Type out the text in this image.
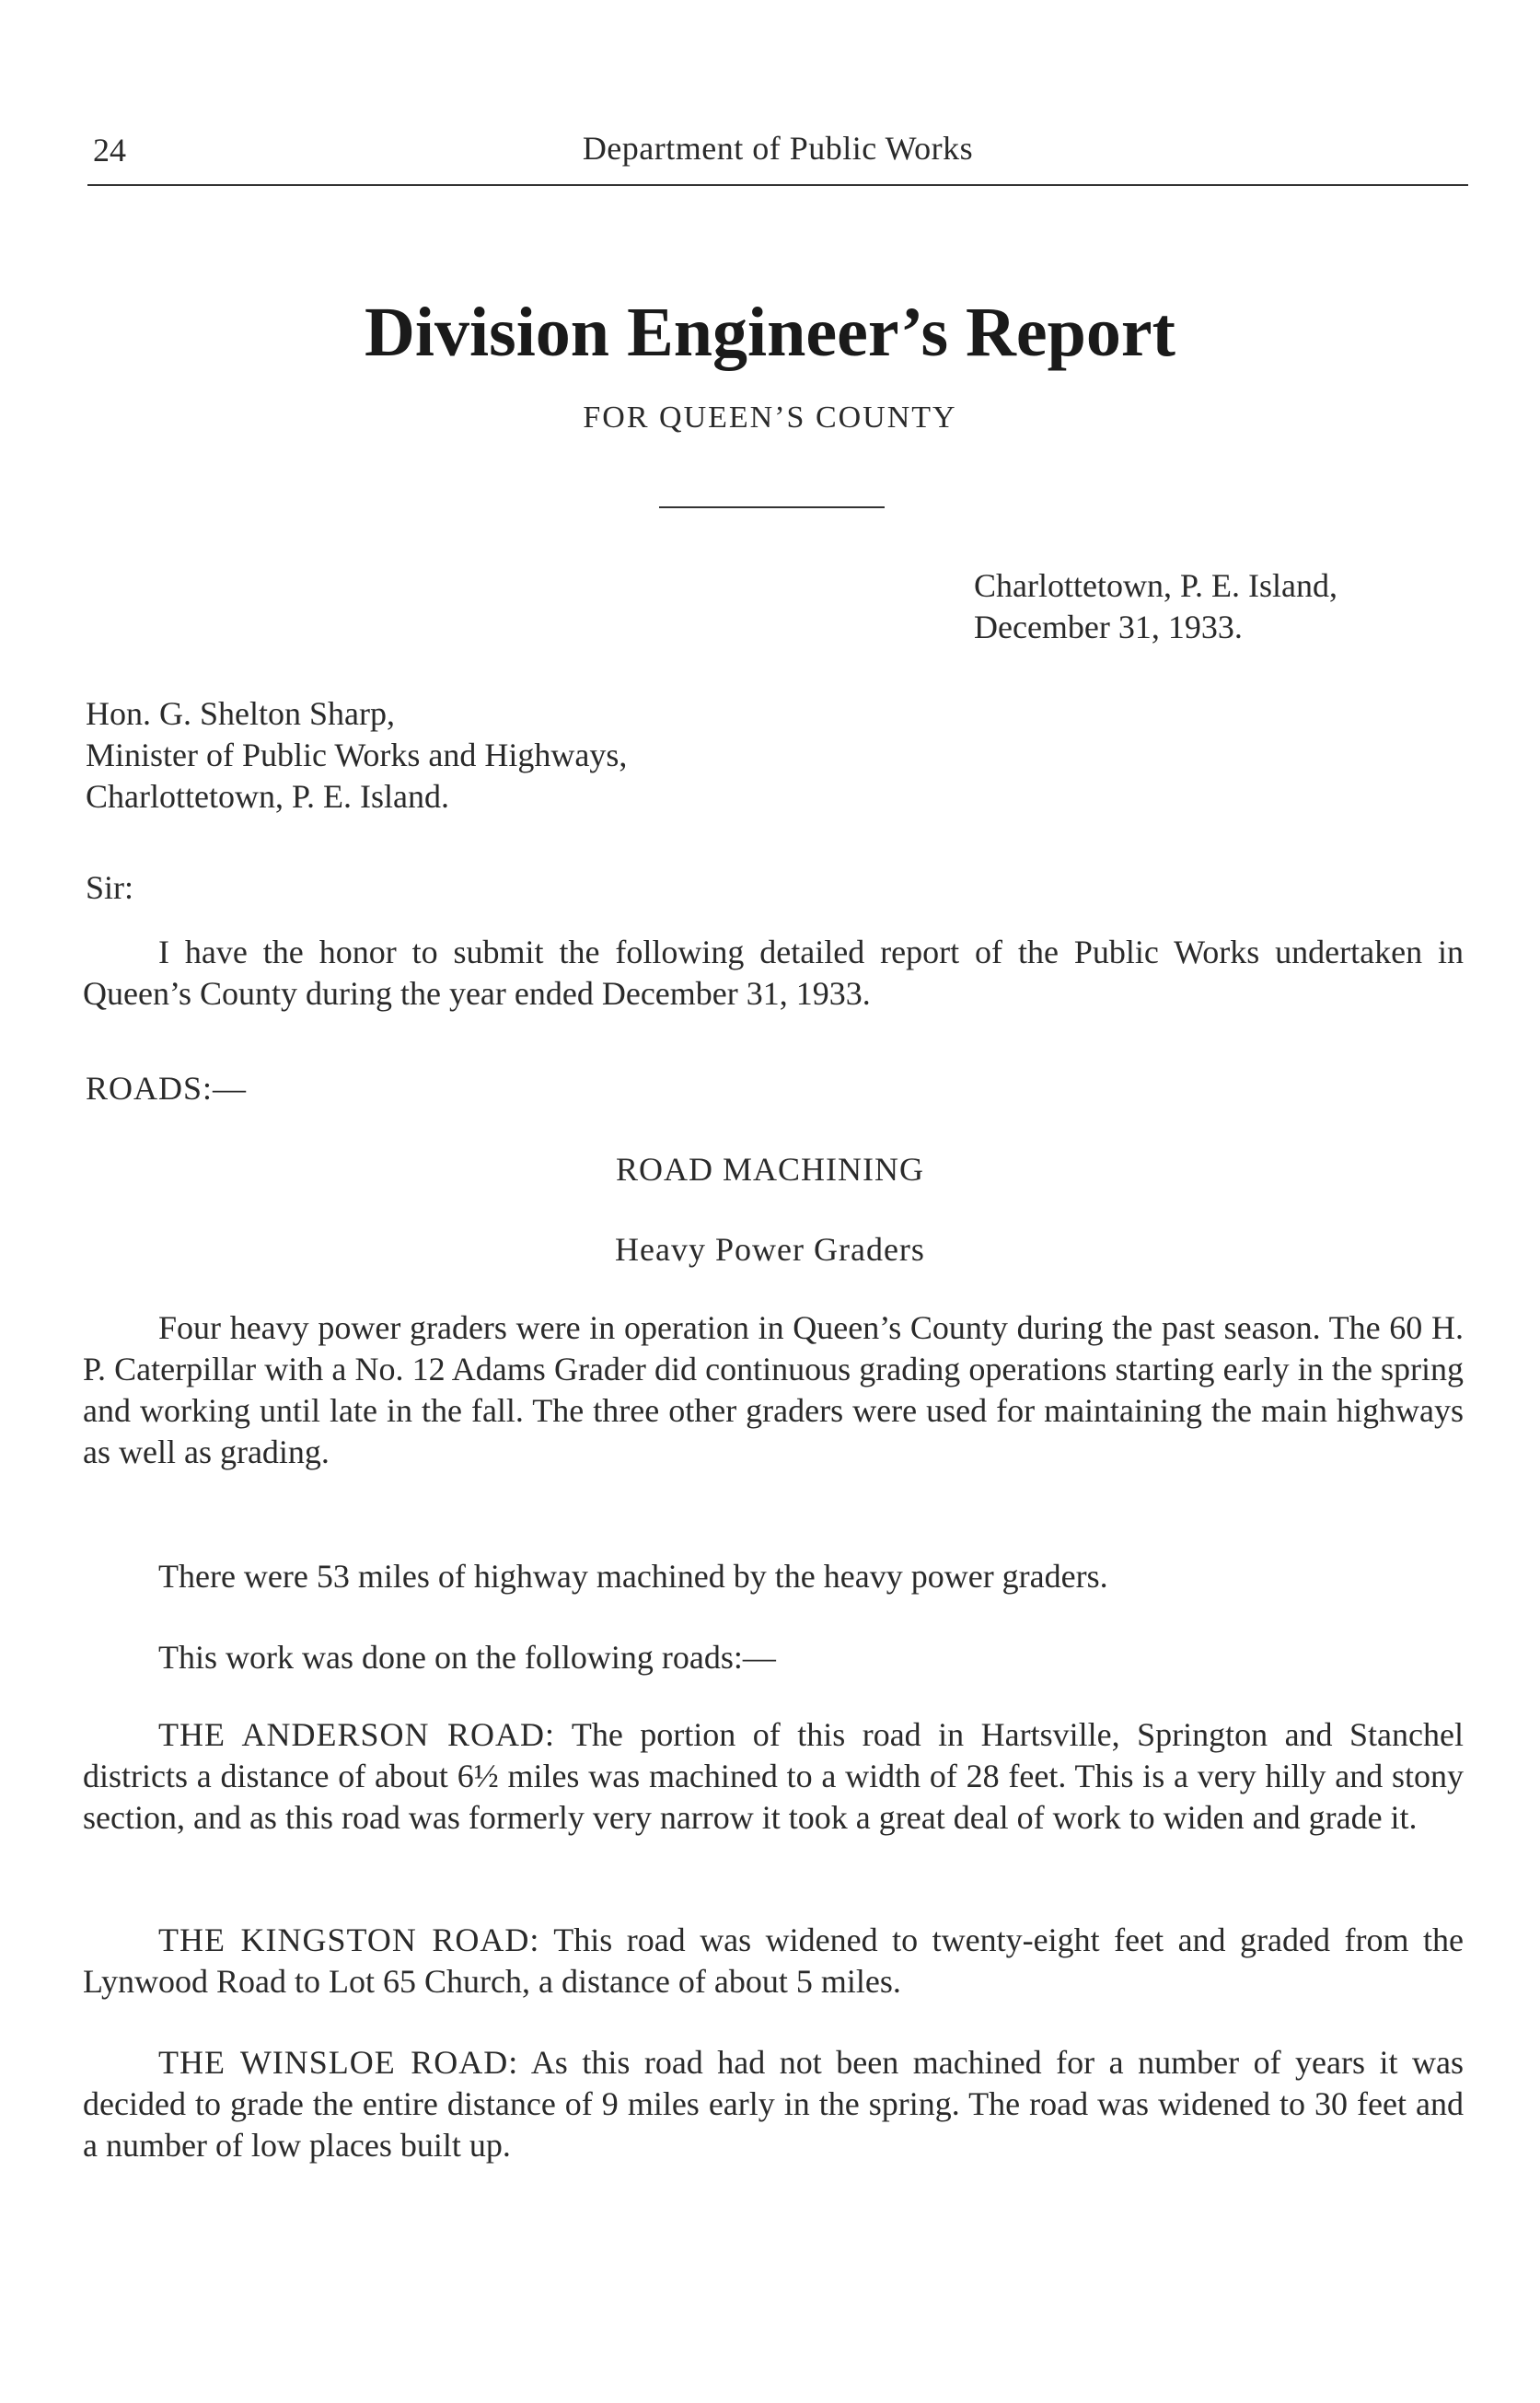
24	Department of Public Works
Division Engineer’s Report
FOR QUEEN’S COUNTY
Charlottetown, P. E. Island,
December 31, 1933.
Hon. G. Shelton Sharp,
Minister of Public Works and Highways,
Charlottetown, P. E. Island.
Sir:

I have the honor to submit the following detailed report of the Public Works undertaken in Queen’s County during the year ended December 31, 1933.

ROADS:—
ROAD MACHINING
Heavy Power Graders

Four heavy power graders were in operation in Queen’s County during the past season. The 60 H. P. Caterpillar with a No. 12 Adams Grader did continuous grading operations starting early in the spring and working until late in the fall. The three other graders were used for maintaining the main highways as well as grading.

There were 53 miles of highway machined by the heavy power graders.

This work was done on the following roads:—

THE ANDERSON ROAD: The portion of this road in Hartsville, Springton and Stanchel districts a distance of about 6½ miles was machined to a width of 28 feet. This is a very hilly and stony section, and as this road was formerly very narrow it took a great deal of work to widen and grade it.

THE KINGSTON ROAD: This road was widened to twenty-eight feet and graded from the Lynwood Road to Lot 65 Church, a distance of about 5 miles.

THE WINSLOE ROAD: As this road had not been machined for a number of years it was decided to grade the entire distance of 9 miles early in the spring. The road was widened to 30 feet and a number of low places built up.
